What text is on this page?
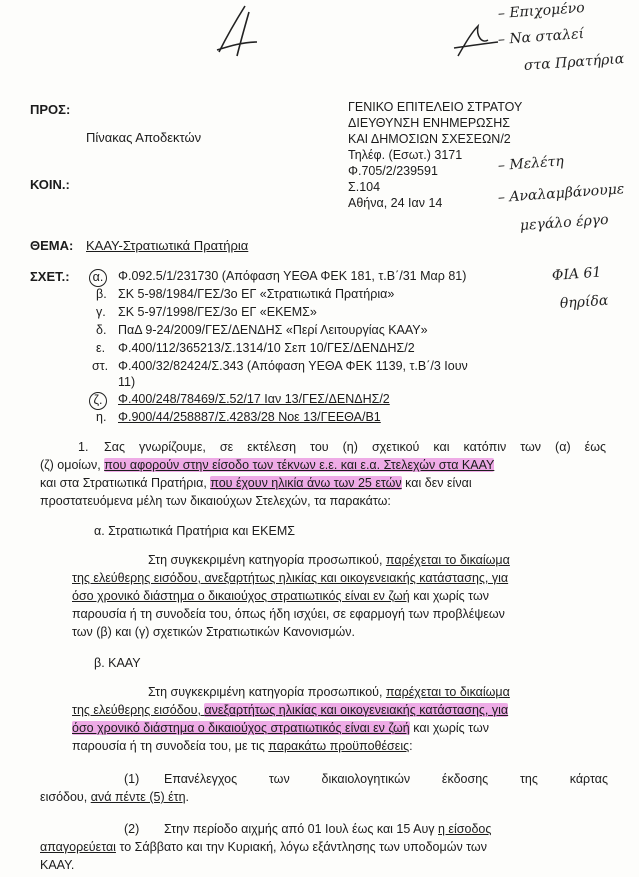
– Επιχομένο
– Να σταλεί
στα Πρατήρια
ΠΡΟΣ:
Πίνακας Αποδεκτών
ΚΟΙΝ.:
ΓΕΝΙΚΟ ΕΠΙΤΕΛΕΙΟ ΣΤΡΑΤΟΥ
ΔΙΕΥΘΥΝΣΗ ΕΝΗΜΕΡΩΣΗΣ
ΚΑΙ ΔΗΜΟΣΙΩΝ ΣΧΕΣΕΩΝ/2
Τηλέφ. (Εσωτ.) 3171
Φ.705/2/239591
Σ.104
Αθήνα, 24 Ιαν 14
– Μελέτη
– Αναλαμβάνουμε
μεγάλο έργο
ΘΕΜΑ: ΚΑΑΥ-Στρατιωτικά Πρατήρια
ΣΧΕΤ.: α. Φ.092.5/1/231730 (Απόφαση ΥΕΘΑ ΦΕΚ 181, τ.Β΄/31 Μαρ 81)
β. ΣΚ 5-98/1984/ΓΕΣ/3ο ΕΓ «Στρατιωτικά Πρατήρια»
γ. ΣΚ 5-97/1998/ΓΕΣ/3ο ΕΓ «ΕΚΕΜΣ»
δ. ΠαΔ 9-24/2009/ΓΕΣ/ΔΕΝΔΗΣ «Περί Λειτουργίας ΚΑΑΥ»
ε. Φ.400/112/365213/Σ.1314/10 Σεπ 10/ΓΕΣ/ΔΕΝΔΗΣ/2
στ. Φ.400/32/82424/Σ.343 (Απόφαση ΥΕΘΑ ΦΕΚ 1139, τ.Β΄/3 Ιουν
11)
ζ.	Φ.400/248/78469/Σ.52/17 Ιαν 13/ΓΕΣ/ΔΕΝΔΗΣ/2
η. Φ.900/44/258887/Σ.4283/28 Νοε 13/ΓΕΕΘΑ/Β1
ΦΙΑ 61
θηρίδα
1. Σας γνωρίζουμε, σε εκτέλεση του (η) σχετικού και κατόπιν των (α) έως
(ζ) ομοίων, που αφορούν στην είσοδο των τέκνων ε.ε. και ε.α. Στελεχών στα ΚΑΑΥ
και στα Στρατιωτικά Πρατήρια, που έχουν ηλικία άνω των 25 ετών και δεν είναι
προστατευόμενα μέλη των δικαιούχων Στελεχών, τα παρακάτω:
α. Στρατιωτικά Πρατήρια και ΕΚΕΜΣ
Στη συγκεκριμένη κατηγορία προσωπικού, παρέχεται το δικαίωμα
της ελεύθερης εισόδου, ανεξαρτήτως ηλικίας και οικογενειακής κατάστασης, για
όσο χρονικό διάστημα ο δικαιούχος στρατιωτικός είναι εν ζωή και χωρίς των
παρουσία ή τη συνοδεία του, όπως ήδη ισχύει, σε εφαρμογή των προβλέψεων
των (β) και (γ) σχετικών Στρατιωτικών Κανονισμών.
β. ΚΑΑΥ
Στη συγκεκριμένη κατηγορία προσωπικού, παρέχεται το δικαίωμα
της ελεύθερης εισόδου, ανεξαρτήτως ηλικίας και οικογενειακής κατάστασης, για
όσο χρονικό διάστημα ο δικαιούχος στρατιωτικός είναι εν ζωή και χωρίς των
παρουσία ή τη συνοδεία του, με τις παρακάτω προϋποθέσεις:
(1) Επανέλεγχος των δικαιολογητικών έκδοσης της κάρτας
εισόδου, ανά πέντε (5) έτη.
(2) Στην περίοδο αιχμής από 01 Ιουλ έως και 15 Αυγ η είσοδος
απαγορεύεται το Σάββατο και την Κυριακή, λόγω εξάντλησης των υποδομών των
ΚΑΑΥ.
